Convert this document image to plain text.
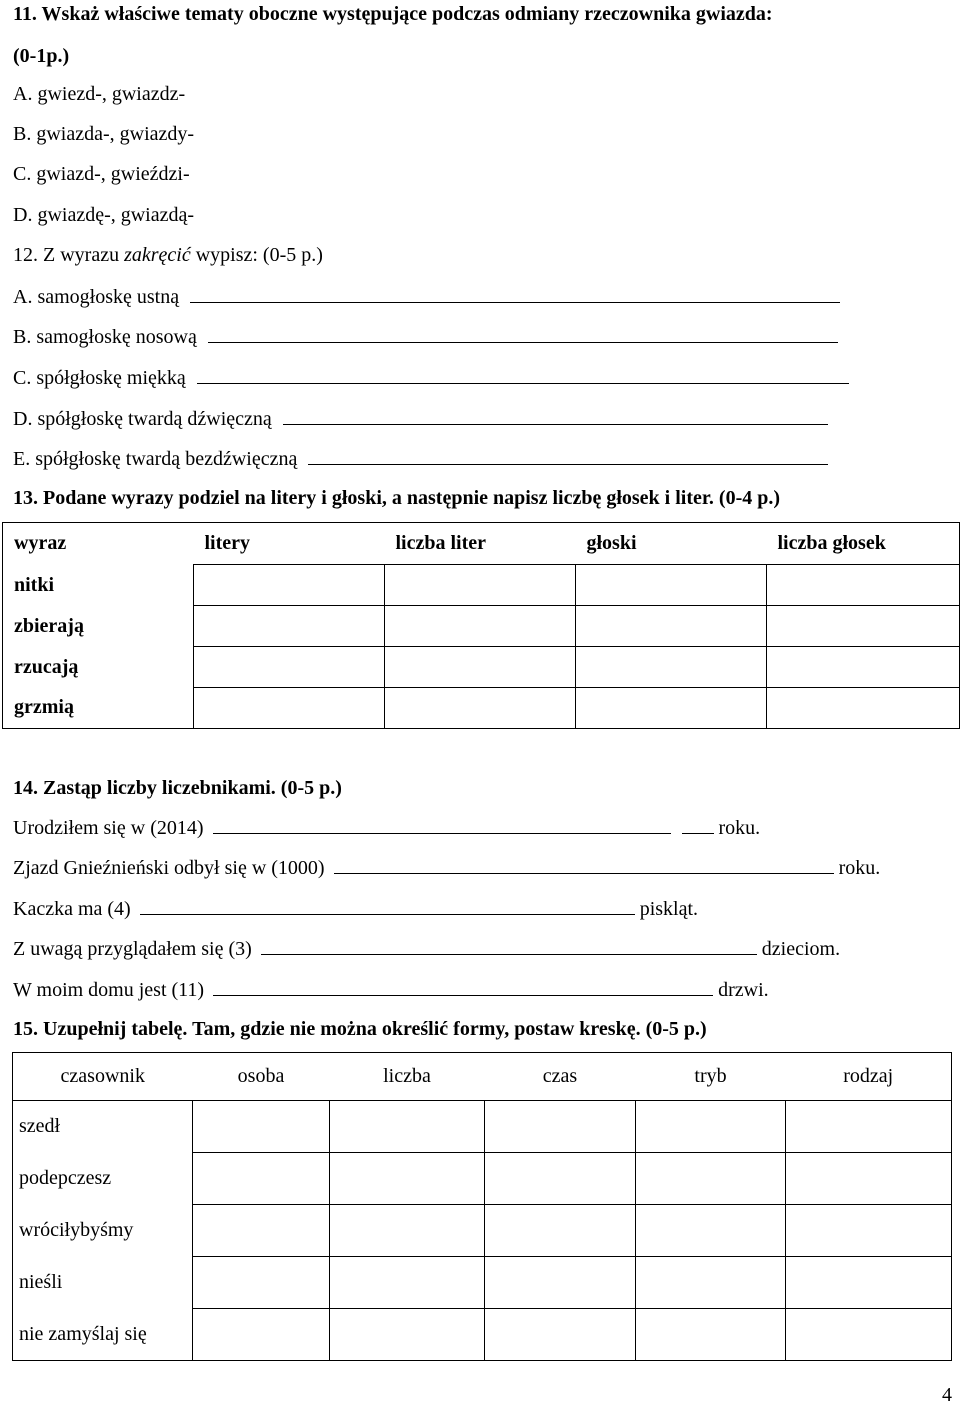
11. Wskaż właściwe tematy oboczne występujące podczas odmiany rzeczownika gwiazda:
(0-1p.)
A. gwiezd-, gwiazdz-
B. gwiazda-, gwiazdy-
C. gwiazd-, gwieździ-
D. gwiazdę-, gwiazdą-
12. Z wyrazu zakręcić wypisz: (0-5 p.)
A. samogłoskę ustną
B. samogłoskę nosową
C. spółgłoskę miękką
D. spółgłoskę twardą dźwięczną
E. spółgłoskę twardą bezdźwięczną
13. Podane wyrazy podziel na litery i głoski, a następnie napisz liczbę głosek i liter. (0-4 p.)
wyraz	litery	liczba liter	głoski	liczba głosek
nitki				
zbierają				
rzucają				
grzmią				
14. Zastąp liczby liczebnikami. (0-5 p.)
Urodziłem się w (2014)	roku.
Zjazd Gnieźnieński odbył się w (1000)	roku.
Kaczka ma (4)	piskląt.
Z uwagą przyglądałem się (3)	dzieciom.
W moim domu jest (11)	drzwi.
15. Uzupełnij tabelę. Tam, gdzie nie można określić formy, postaw kreskę. (0-5 p.)
czasownik	osoba	liczba	czas	tryb	rodzaj
szedł					
podepczesz					
wróciłybyśmy					
nieśli					
nie zamyślaj się					
4
